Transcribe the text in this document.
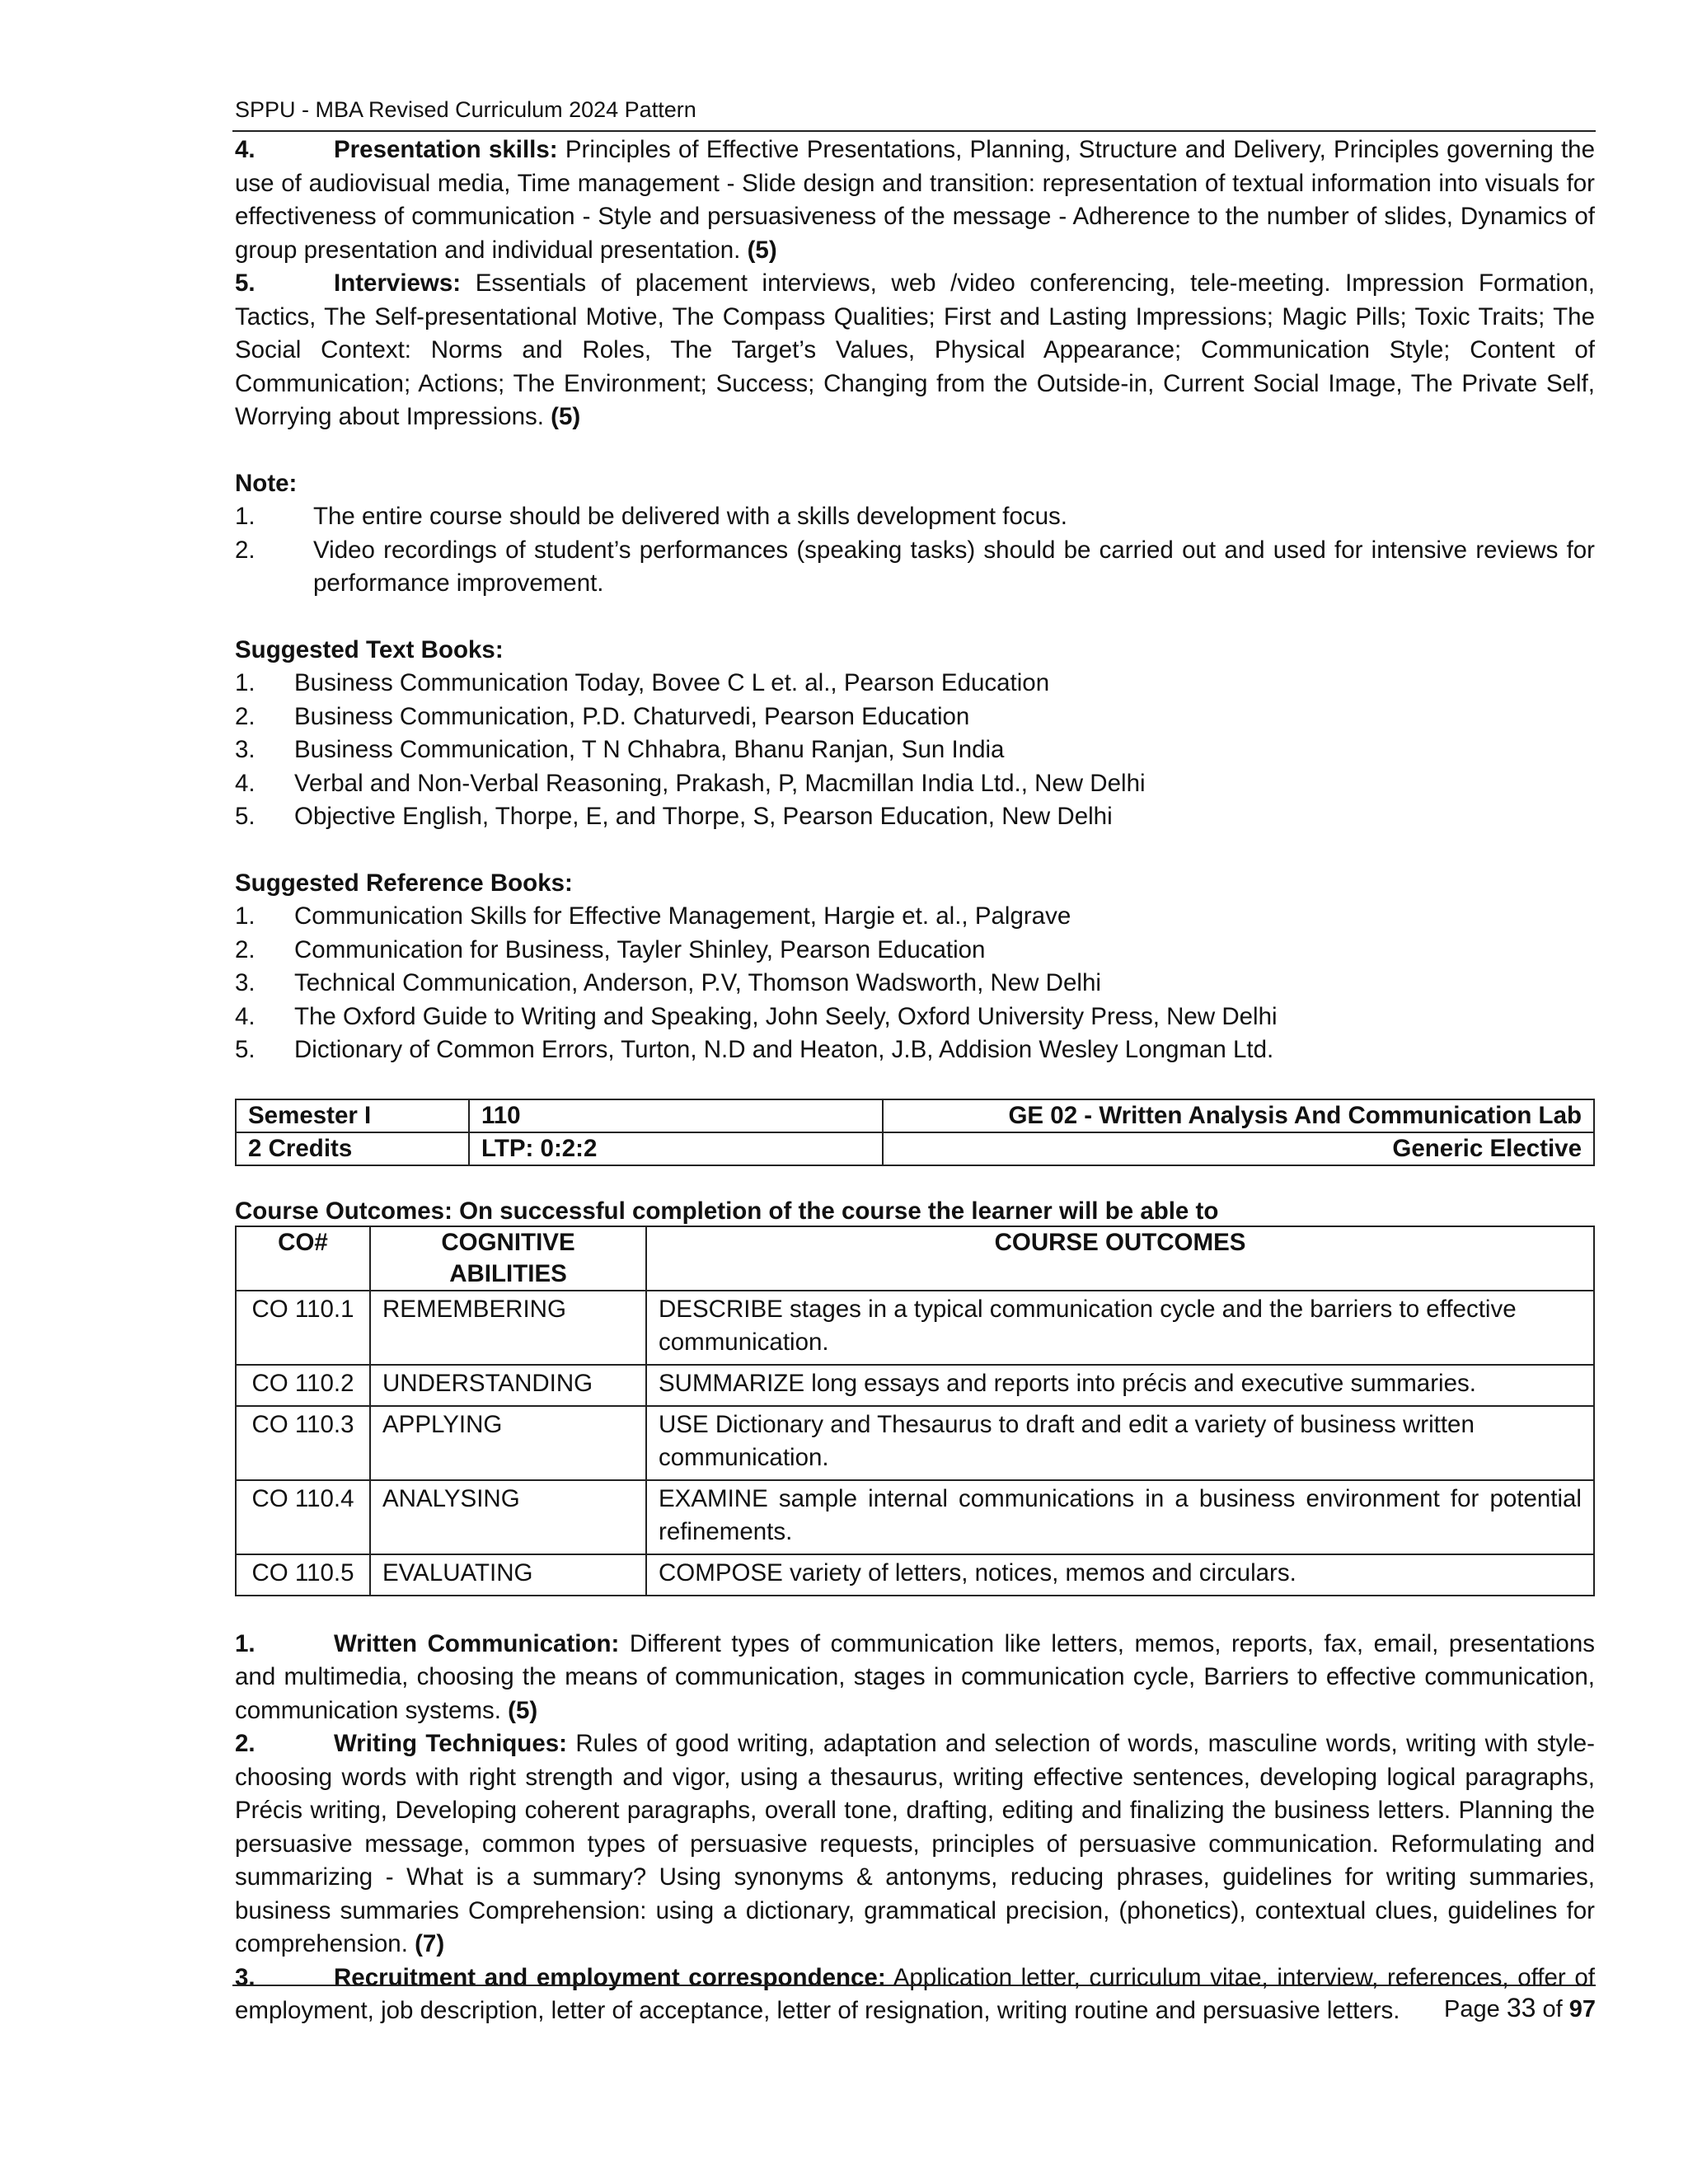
SPPU - MBA Revised Curriculum 2024 Pattern

4.	Presentation skills: Principles of Effective Presentations, Planning, Structure and Delivery, Principles governing the use of audiovisual media, Time management - Slide design and transition: representation of textual information into visuals for effectiveness of communication - Style and persuasiveness of the message - Adherence to the number of slides, Dynamics of group presentation and individual presentation. (5)

5.	Interviews: Essentials of placement interviews, web /video conferencing, tele-meeting. Impression Formation, Tactics, The Self-presentational Motive, The Compass Qualities; First and Lasting Impressions; Magic Pills; Toxic Traits; The Social Context: Norms and Roles, The Target’s Values, Physical Appearance; Communication Style; Content of Communication; Actions; The Environment; Success; Changing from the Outside-in, Current Social Image, The Private Self, Worrying about Impressions. (5)

Note:

1.	The entire course should be delivered with a skills development focus.
2.	Video recordings of student’s performances (speaking tasks) should be carried out and used for intensive reviews for performance improvement.

Suggested Text Books:

1.	Business Communication Today, Bovee C L et. al., Pearson Education
2.	Business Communication, P.D. Chaturvedi, Pearson Education
3.	Business Communication, T N Chhabra, Bhanu Ranjan, Sun India
4.	Verbal and Non-Verbal Reasoning, Prakash, P, Macmillan India Ltd., New Delhi
5.	Objective English, Thorpe, E, and Thorpe, S, Pearson Education, New Delhi

Suggested Reference Books:

1.	Communication Skills for Effective Management, Hargie et. al., Palgrave
2.	Communication for Business, Tayler Shinley, Pearson Education
3.	Technical Communication, Anderson, P.V, Thomson Wadsworth, New Delhi
4.	The Oxford Guide to Writing and Speaking, John Seely, Oxford University Press, New Delhi
5.	Dictionary of Common Errors, Turton, N.D and Heaton, J.B, Addision Wesley Longman Ltd.
Semester I	110	GE 02 - Written Analysis And Communication Lab
2 Credits	LTP: 0:2:2	Generic Elective

Course Outcomes: On successful completion of the course the learner will be able to

CO#	COGNITIVE ABILITIES	COURSE OUTCOMES
CO 110.1	REMEMBERING	DESCRIBE stages in a typical communication cycle and the barriers to effective communication.
CO 110.2	UNDERSTANDING	SUMMARIZE long essays and reports into précis and executive summaries.
CO 110.3	APPLYING	USE Dictionary and Thesaurus to draft and edit a variety of business written communication.
CO 110.4	ANALYSING	EXAMINE sample internal communications in a business environment for potential refinements.
CO 110.5	EVALUATING	COMPOSE variety of letters, notices, memos and circulars.

1.	Written Communication: Different types of communication like letters, memos, reports, fax, email, presentations and multimedia, choosing the means of communication, stages in communication cycle, Barriers to effective communication, communication systems. (5)

2.	Writing Techniques: Rules of good writing, adaptation and selection of words, masculine words, writing with style- choosing words with right strength and vigor, using a thesaurus, writing effective sentences, developing logical paragraphs, Précis writing, Developing coherent paragraphs, overall tone, drafting, editing and finalizing the business letters. Planning the persuasive message, common types of persuasive requests, principles of persuasive communication. Reformulating and summarizing - What is a summary? Using synonyms & antonyms, reducing phrases, guidelines for writing summaries, business summaries Comprehension: using a dictionary, grammatical precision, (phonetics), contextual clues, guidelines for comprehension. (7)

3.	Recruitment and employment correspondence: Application letter, curriculum vitae, interview, references, offer of employment, job description, letter of acceptance, letter of resignation, writing routine and persuasive letters.	Page 33 of 97
